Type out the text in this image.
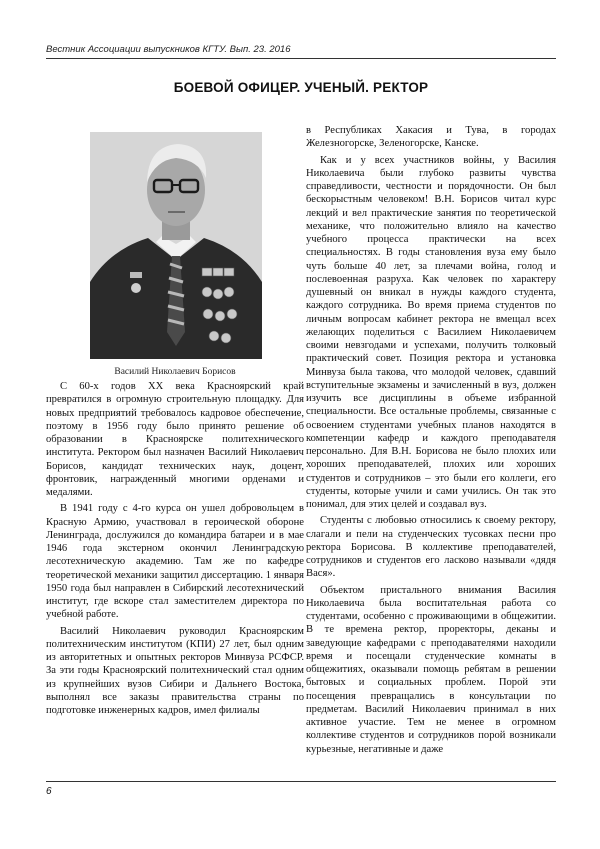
Вестник Ассоциации выпускников КГТУ. Вып. 23. 2016
БОЕВОЙ ОФИЦЕР. УЧЕНЫЙ. РЕКТОР
Василий Николаевич Борисов

С 60-х годов XX века Красноярский край превратился в огромную строительную площадку. Для новых предприятий требовалось кадровое обеспечение, поэтому в 1956 году было принято решение об образовании в Красноярске политехнического института. Ректором был назначен Василий Николаевич Борисов, кандидат технических наук, доцент, фронтовик, награжденный многими орденами и медалями.

В 1941 году с 4-го курса он ушел добровольцем в Красную Армию, участвовал в героической обороне Ленинграда, дослужился до командира батареи и в мае 1946 года экстерном окончил Ленинградскую лесотехническую академию. Там же по кафедре теоретической механики защитил диссертацию. 1 января 1950 года был направлен в Сибирский лесотехнический институт, где вскоре стал заместителем директора по учебной работе.

Василий Николаевич руководил Красноярским политехническим институтом (КПИ) 27 лет, был одним из авторитетных и опытных ректоров Минвуза РСФСР. За эти годы Красноярский политехнический стал одним из крупнейших вузов Сибири и Дальнего Востока, выполнял все заказы правительства страны по подготовке инженерных кадров, имел филиалы

в Республиках Хакасия и Тува, в городах Железногорске, Зеленогорске, Канске.

Как и у всех участников войны, у Василия Николаевича были глубоко развиты чувства справедливости, честности и порядочности. Он был бескорыстным человеком! В.Н. Борисов читал курс лекций и вел практические занятия по теоретической механике, что положительно влияло на качество учебного процесса практически на всех специальностях. В годы становления вуза ему было чуть больше 40 лет, за плечами война, голод и послевоенная разруха. Как человек по характеру душевный он вникал в нужды каждого студента, каждого сотрудника. Во время приема студентов по личным вопросам кабинет ректора не вмещал всех желающих поделиться с Василием Николаевичем своими невзгодами и успехами, получить толковый практический совет. Позиция ректора и установка Минвуза была такова, что молодой человек, сдавший вступительные экзамены и зачисленный в вуз, должен изучить все дисциплины в объеме избранной специальности. Все остальные проблемы, связанные с освоением студентами учебных планов находятся в компетенции кафедр и каждого преподавателя персонально. Для В.Н. Борисова не было плохих или хороших преподавателей, плохих или хороших студентов и сотрудников – это были его коллеги, его студенты, которые учили и сами учились. Он так это понимал, для этих целей и создавал вуз.

Студенты с любовью относились к своему ректору, слагали и пели на студенческих тусовках песни про ректора Борисова. В коллективе преподавателей, сотрудников и студентов его ласково называли «дядя Вася».

Объектом пристального внимания Василия Николаевича была воспитательная работа со студентами, особенно с проживающими в общежитии. В те времена ректор, проректоры, деканы и заведующие кафедрами с преподавателями находили время и посещали студенческие комнаты в общежитиях, оказывали помощь ребятам в решении бытовых и социальных проблем. Порой эти посещения превращались в консультации по предметам. Василий Николаевич принимал в них активное участие. Тем не менее в огромном коллективе студентов и сотрудников порой возникали курьезные, негативные и даже

6
